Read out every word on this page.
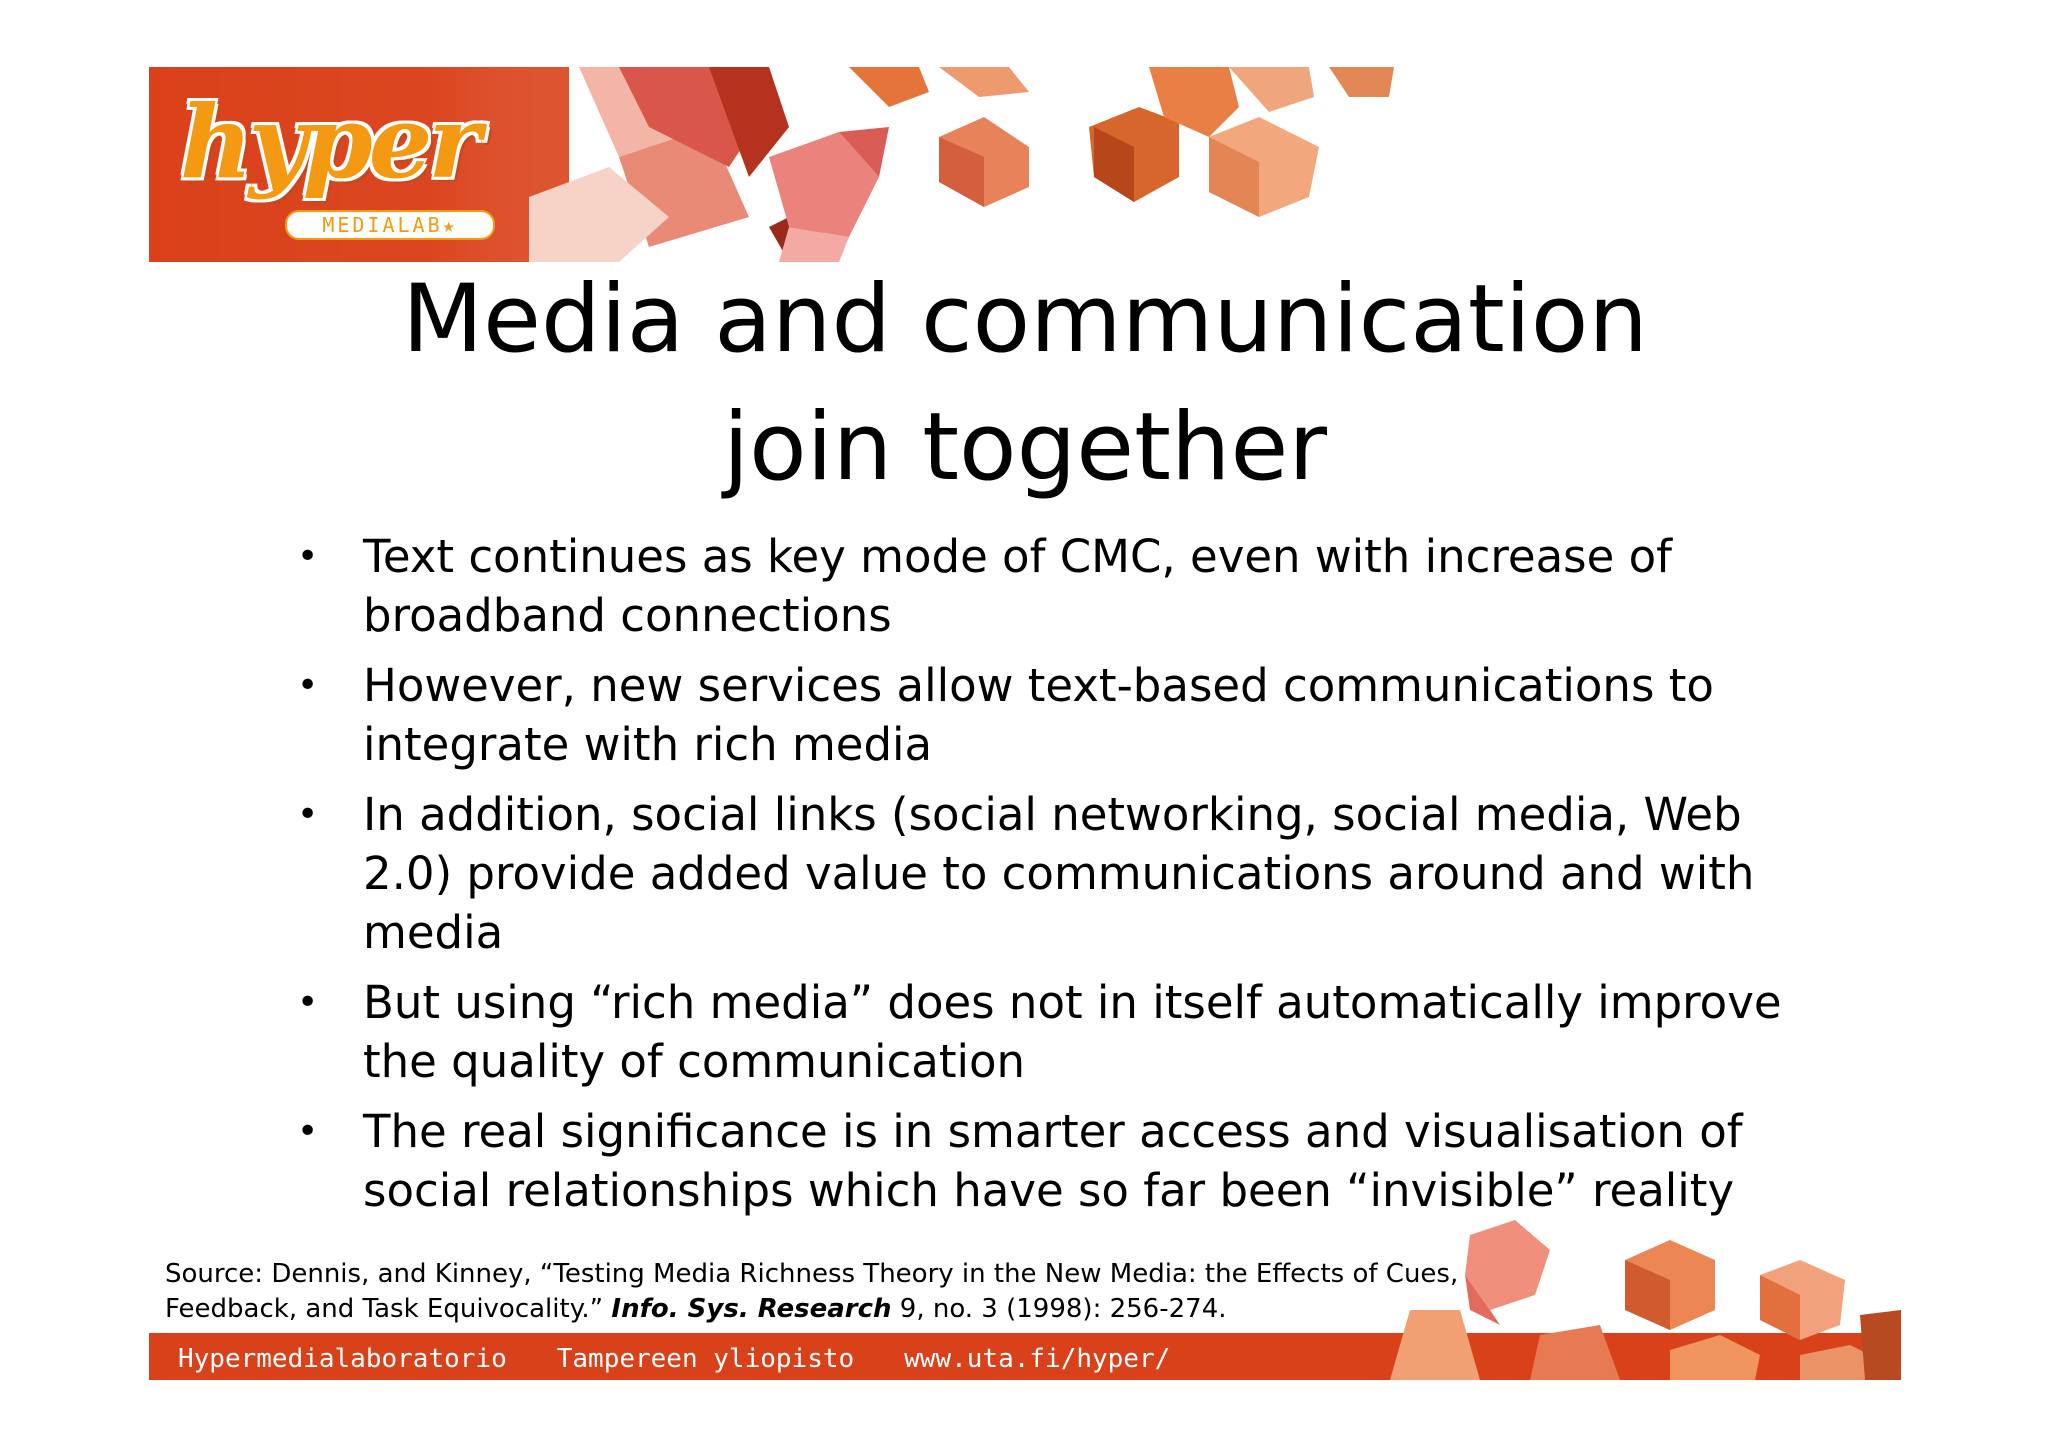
hyper
MEDIALAB★
Media and communication
join together
• Text continues as key mode of CMC, even with increase of broadband connections
• However, new services allow text-based communications to integrate with rich media
• In addition, social links (social networking, social media, Web 2.0) provide added value to communications around and with media
• But using “rich media” does not in itself automatically improve the quality of communication
• The real significance is in smarter access and visualisation of social relationships which have so far been “invisible” reality
Source: Dennis, and Kinney, “Testing Media Richness Theory in the New Media: the Effects of Cues, Feedback, and Task Equivocality.” Info. Sys. Research 9, no. 3 (1998): 256-274.
Hypermedialaboratorio Tampereen yliopisto www.uta.fi/hyper/
